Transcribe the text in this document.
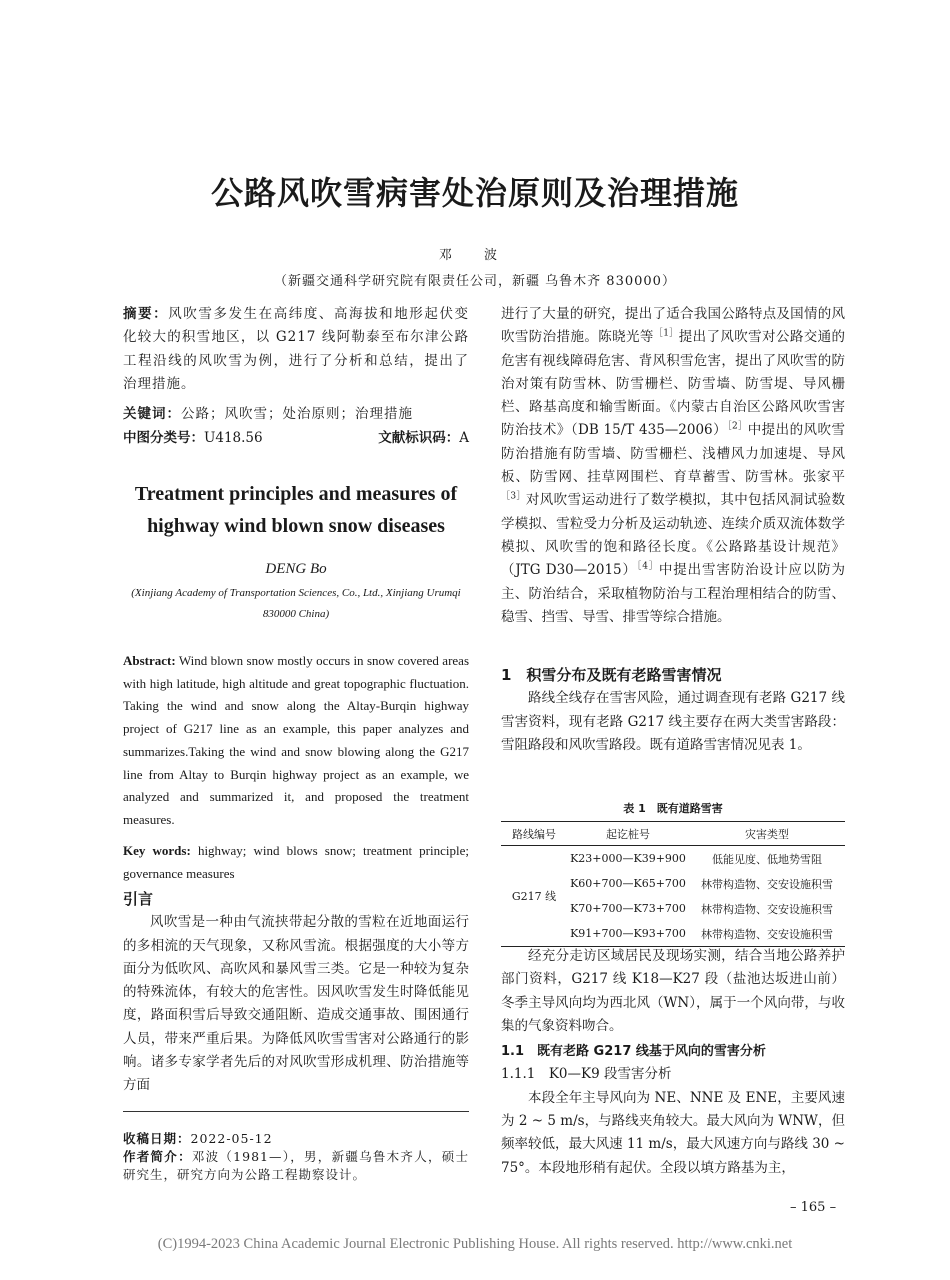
公路风吹雪病害处治原则及治理措施
邓 波
（新疆交通科学研究院有限责任公司，新疆 乌鲁木齐 830000）
摘要：风吹雪多发生在高纬度、高海拔和地形起伏变化较大的积雪地区，以 G217 线阿勒泰至布尔津公路工程沿线的风吹雪为例，进行了分析和总结，提出了治理措施。
关键词：公路；风吹雪；处治原则；治理措施
中图分类号：U418.56	文献标识码：A
Treatment principles and measures of highway wind blown snow diseases
DENG Bo
(Xinjiang Academy of Transportation Sciences, Co., Ltd., Xinjiang Urumqi 830000 China)
Abstract: Wind blown snow mostly occurs in snow covered areas with high latitude, high altitude and great topographic fluctuation. Taking the wind and snow along the Altay-Burqin highway project of G217 line as an example, this paper analyzes and summarizes.Taking the wind and snow blowing along the G217 line from Altay to Burqin highway project as an example, we analyzed and summarized it, and proposed the treatment measures.
Key words: highway; wind blows snow; treatment principle; governance measures
引言

风吹雪是一种由气流挟带起分散的雪粒在近地面运行的多相流的天气现象，又称风雪流。根据强度的大小等方面分为低吹风、高吹风和暴风雪三类。它是一种较为复杂的特殊流体，有较大的危害性。因风吹雪发生时降低能见度，路面积雪后导致交通阻断、造成交通事故、围困通行人员，带来严重后果。为降低风吹雪雪害对公路通行的影响。诸多专家学者先后的对风吹雪形成机理、防治措施等方面

收稿日期：2022-05-12
作者简介：邓波（1981—），男，新疆乌鲁木齐人，硕士研究生，研究方向为公路工程勘察设计。
进行了大量的研究，提出了适合我国公路特点及国情的风吹雪防治措施。陈晓光等$^{[1]}$提出了风吹雪对公路交通的危害有视线障碍危害、背风积雪危害，提出了风吹雪的防治对策有防雪林、防雪栅栏、防雪墙、防雪堤、导风栅栏、路基高度和输雪断面。《内蒙古自治区公路风吹雪害防治技术》（DB 15/T 435—2006）$^{[2]}$中提出的风吹雪防治措施有防雪墙、防雪栅栏、浅槽风力加速堤、导风板、防雪网、挂草网围栏、育草蓄雪、防雪林。张家平$^{[3]}$对风吹雪运动进行了数学模拟，其中包括风洞试验数学模拟、雪粒受力分析及运动轨迹、连续介质双流体数学模拟、风吹雪的饱和路径长度。《公路路基设计规范》（JTG D30—2015）$^{[4]}$中提出雪害防治设计应以防为主、防治结合，采取植物防治与工程治理相结合的防雪、稳雪、挡雪、导雪、排雪等综合措施。
1　积雪分布及既有老路雪害情况

路线全线存在雪害风险，通过调查现有老路 G217 线雪害资料，现有老路 G217 线主要存在两大类雪害路段：雪阻路段和风吹雪路段。既有道路雪害情况见表 1。

表 1　既有道路雪害
路线编号	起讫桩号	灾害类型
G217 线	K23+000—K39+900	低能见度、低地势雪阻
	K60+700—K65+700	林带构造物、交安设施积雪
	K70+700—K73+700	林带构造物、交安设施积雪
	K91+700—K93+700	林带构造物、交安设施积雪

经充分走访区域居民及现场实测，结合当地公路养护部门资料，G217 线 K18—K27 段（盐池达坂进山前）冬季主导风向均为西北风（WN），属于一个风向带，与收集的气象资料吻合。

1.1　既有老路 G217 线基于风向的雪害分析
1.1.1　K0—K9 段雪害分析

本段全年主导风向为 NE、NNE 及 ENE，主要风速为 2 ~ 5 m/s，与路线夹角较大。最大风向为 WNW，但频率较低，最大风速 11 m/s，最大风速方向与路线 30 ~ 75°。本段地形稍有起伏。全段以填方路基为主，

– 165 –
(C)1994-2023 China Academic Journal Electronic Publishing House. All rights reserved. http://www.cnki.net
